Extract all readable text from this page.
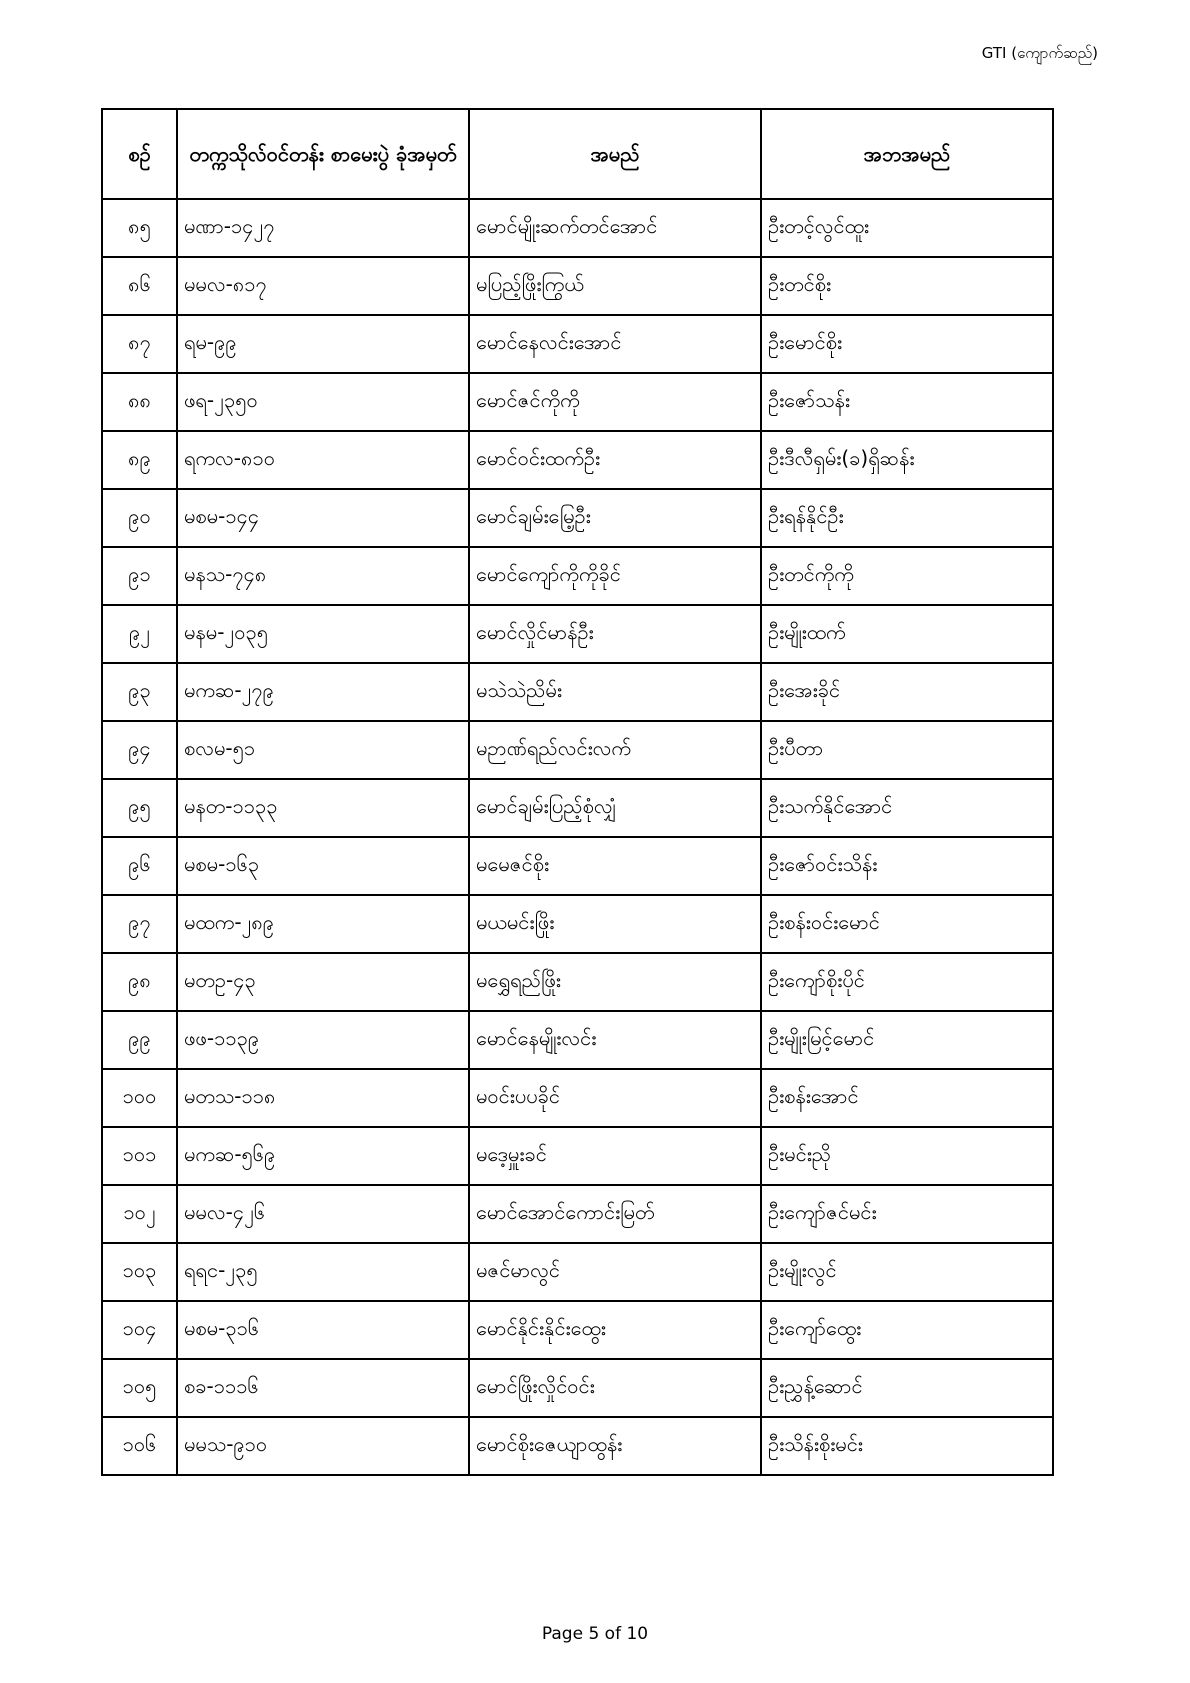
GTI (ကျောက်ဆည်)
စဉ်	တက္ကသိုလ်ဝင်တန်း စာမေးပွဲ ခုံအမှတ်	အမည်	အဘအမည်
၈၅	မဏာ-၁၄၂၇	မောင်မျိုးဆက်တင်အောင်	ဦးတင့်လွင်ထူး
၈၆	မမလ-၈၁၇	မပြည့်ဖြိုးကြွယ်	ဦးတင်စိုး
၈၇	ရမ-၉၉	မောင်နေလင်းအောင်	ဦးမောင်စိုး
၈၈	ဖရ-၂၃၅၀	မောင်ဇင်ကိုကို	ဦးဇော်သန်း
၈၉	ရကလ-၈၁၀	မောင်ဝင်းထက်ဦး	ဦးဒီလီရှမ်း(ခ)ရှိဆန်း
၉၀	မစမ-၁၄၄	မောင်ချမ်းမြေ့ဦး	ဦးရန်နိုင်ဦး
၉၁	မနသ-၇၄၈	မောင်ကျော်ကိုကိုခိုင်	ဦးတင်ကိုကို
၉၂	မနမ-၂၀၃၅	မောင်လှိုင်မာန်ဦး	ဦးမျိုးထက်
၉၃	မကဆ-၂၇၉	မသဲသဲညိမ်း	ဦးအေးခိုင်
၉၄	စလမ-၅၁	မဉာဏ်ရည်လင်းလက်	ဦးပီတာ
၉၅	မနတ-၁၁၃၃	မောင်ချမ်းပြည့်စုံလျှံ	ဦးသက်နိုင်အောင်
၉၆	မစမ-၁၆၃	မမေဇင်စိုး	ဦးဇော်ဝင်းသိန်း
၉၇	မထက-၂၈၉	မယမင်းဖြိုး	ဦးစန်းဝင်းမောင်
၉၈	မတဥ-၄၃	မရွှေရည်ဖြိုး	ဦးကျော်စိုးပိုင်
၉၉	ဖဖ-၁၁၃၉	မောင်နေမျိုးလင်း	ဦးမျိုးမြင့်မောင်
၁၀၀	မတသ-၁၁၈	မဝင်းပပခိုင်	ဦးစန်းအောင်
၁၀၁	မကဆ-၅၆၉	မဒေ့မှူးခင်	ဦးမင်းညို
၁၀၂	မမလ-၄၂၆	မောင်အောင်ကောင်းမြတ်	ဦးကျော်ဇင်မင်း
၁၀၃	ရရင-၂၃၅	မဇင်မာလွင်	ဦးမျိုးလွင်
၁၀၄	မစမ-၃၁၆	မောင်နိုင်းနိုင်းထွေး	ဦးကျော်ထွေး
၁၀၅	စခ-၁၁၁၆	မောင်ဖြိုးလှိုင်ဝင်း	ဦးညွှန့်ဆောင်
၁၀၆	မမသ-၉၁၀	မောင်စိုးဇေယျာထွန်း	ဦးသိန်းစိုးမင်း
Page 5 of 10
